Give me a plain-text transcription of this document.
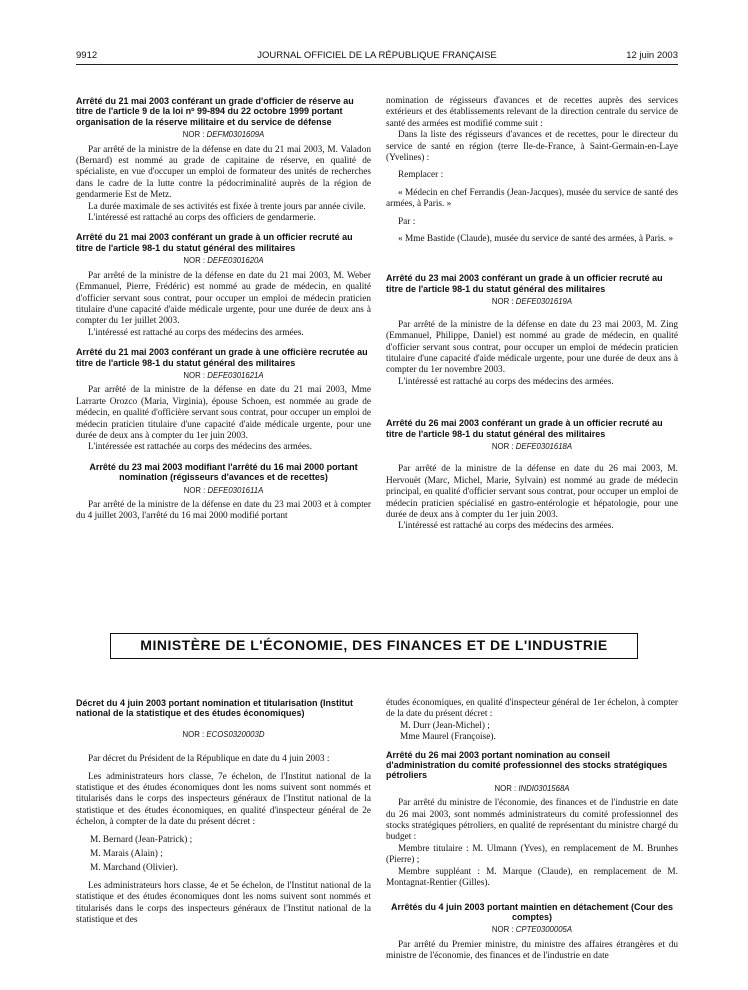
9912	JOURNAL OFFICIEL DE LA RÉPUBLIQUE FRANÇAISE	12 juin 2003

Arrêté du 21 mai 2003 conférant un grade d'officier de réserve au titre de l'article 9 de la loi nº 99-894 du 22 octobre 1999 portant organisation de la réserve militaire et du service de défense

NOR : DEFM0301609A

Par arrêté de la ministre de la défense en date du 21 mai 2003, M. Valadon (Bernard) est nommé au grade de capitaine de réserve, en qualité de spécialiste, en vue d'occuper un emploi de formateur des unités de recherches dans le cadre de la lutte contre la pédocriminalité auprès de la région de gendarmerie Est de Metz.

La durée maximale de ses activités est fixée à trente jours par année civile.

L'intéressé est rattaché au corps des officiers de gendarmerie.

Arrêté du 21 mai 2003 conférant un grade à un officier recruté au titre de l'article 98-1 du statut général des militaires

NOR : DEFE0301620A

Par arrêté de la ministre de la défense en date du 21 mai 2003, M. Weber (Emmanuel, Pierre, Frédéric) est nommé au grade de médecin, en qualité d'officier servant sous contrat, pour occuper un emploi de médecin praticien titulaire d'une capacité d'aide médicale urgente, pour une durée de deux ans à compter du 1er juillet 2003.

L'intéressé est rattaché au corps des médecins des armées.

Arrêté du 21 mai 2003 conférant un grade à une officière recrutée au titre de l'article 98-1 du statut général des militaires

NOR : DEFE0301621A

Par arrêté de la ministre de la défense en date du 21 mai 2003, Mme Larrarte Orozco (Maria, Virginia), épouse Schoen, est nommée au grade de médecin, en qualité d'officière servant sous contrat, pour occuper un emploi de médecin praticien titulaire d'une capacité d'aide médicale urgente, pour une durée de deux ans à compter du 1er juin 2003.

L'intéressée est rattachée au corps des médecins des armées.

Arrêté du 23 mai 2003 modifiant l'arrêté du 16 mai 2000 portant nomination (régisseurs d'avances et de recettes)

NOR : DEFE0301611A

Par arrêté de la ministre de la défense en date du 23 mai 2003 et à compter du 4 juillet 2003, l'arrêté du 16 mai 2000 modifié portant

nomination de régisseurs d'avances et de recettes auprès des services extérieurs et des établissements relevant de la direction centrale du service de santé des armées est modifié comme suit :

Dans la liste des régisseurs d'avances et de recettes, pour le directeur du service de santé en région (terre Ile-de-France, à Saint-Germain-en-Laye (Yvelines) :

Remplacer :

« Médecin en chef Ferrandis (Jean-Jacques), musée du service de santé des armées, à Paris. »

Par :

« Mme Bastide (Claude), musée du service de santé des armées, à Paris. »

Arrêté du 23 mai 2003 conférant un grade à un officier recruté au titre de l'article 98-1 du statut général des militaires

NOR : DEFE0301619A

Par arrêté de la ministre de la défense en date du 23 mai 2003, M. Zing (Emmanuel, Philippe, Daniel) est nommé au grade de médecin, en qualité d'officier servant sous contrat, pour occuper un emploi de médecin praticien titulaire d'une capacité d'aide médicale urgente, pour une durée de deux ans à compter du 1er novembre 2003.

L'intéressé est rattaché au corps des médecins des armées.

Arrêté du 26 mai 2003 conférant un grade à un officier recruté au titre de l'article 98-1 du statut général des militaires

NOR : DEFE0301618A

Par arrêté de la ministre de la défense en date du 26 mai 2003, M. Hervouët (Marc, Michel, Marie, Sylvain) est nommé au grade de médecin principal, en qualité d'officier servant sous contrat, pour occuper un emploi de médecin praticien spécialisé en gastro-entérologie et hépatologie, pour une durée de deux ans à compter du 1er juin 2003.

L'intéressé est rattaché au corps des médecins des armées.

MINISTÈRE DE L'ÉCONOMIE, DES FINANCES ET DE L'INDUSTRIE

Décret du 4 juin 2003 portant nomination et titularisation (Institut national de la statistique et des études économiques)

NOR : ECOS0320003D

Par décret du Président de la République en date du 4 juin 2003 :

Les administrateurs hors classe, 7e échelon, de l'Institut national de la statistique et des études économiques dont les noms suivent sont nommés et titularisés dans le corps des inspecteurs généraux de l'Institut national de la statistique et des études économiques, en qualité d'inspecteur général de 2e échelon, à compter de la date du présent décret :

M. Bernard (Jean-Patrick) ;

M. Marais (Alain) ;

M. Marchand (Olivier).

Les administrateurs hors classe, 4e et 5e échelon, de l'Institut national de la statistique et des études économiques dont les noms suivent sont nommés et titularisés dans le corps des inspecteurs généraux de l'Institut national de la statistique et des

études économiques, en qualité d'inspecteur général de 1er échelon, à compter de la date du présent décret :

M. Durr (Jean-Michel) ;

Mme Maurel (Françoise).

Arrêté du 26 mai 2003 portant nomination au conseil d'administration du comité professionnel des stocks stratégiques pétroliers

NOR : INDI0301568A

Par arrêté du ministre de l'économie, des finances et de l'industrie en date du 26 mai 2003, sont nommés administrateurs du comité professionnel des stocks stratégiques pétroliers, en qualité de représentant du ministre chargé du budget :

Membre titulaire : M. Ulmann (Yves), en remplacement de M. Brunhes (Pierre) ;

Membre suppléant : M. Marque (Claude), en remplacement de M. Montagnat-Rentier (Gilles).

Arrêtés du 4 juin 2003 portant maintien en détachement (Cour des comptes)

NOR : CPTE0300005A

Par arrêté du Premier ministre, du ministre des affaires étrangères et du ministre de l'économie, des finances et de l'industrie en date
